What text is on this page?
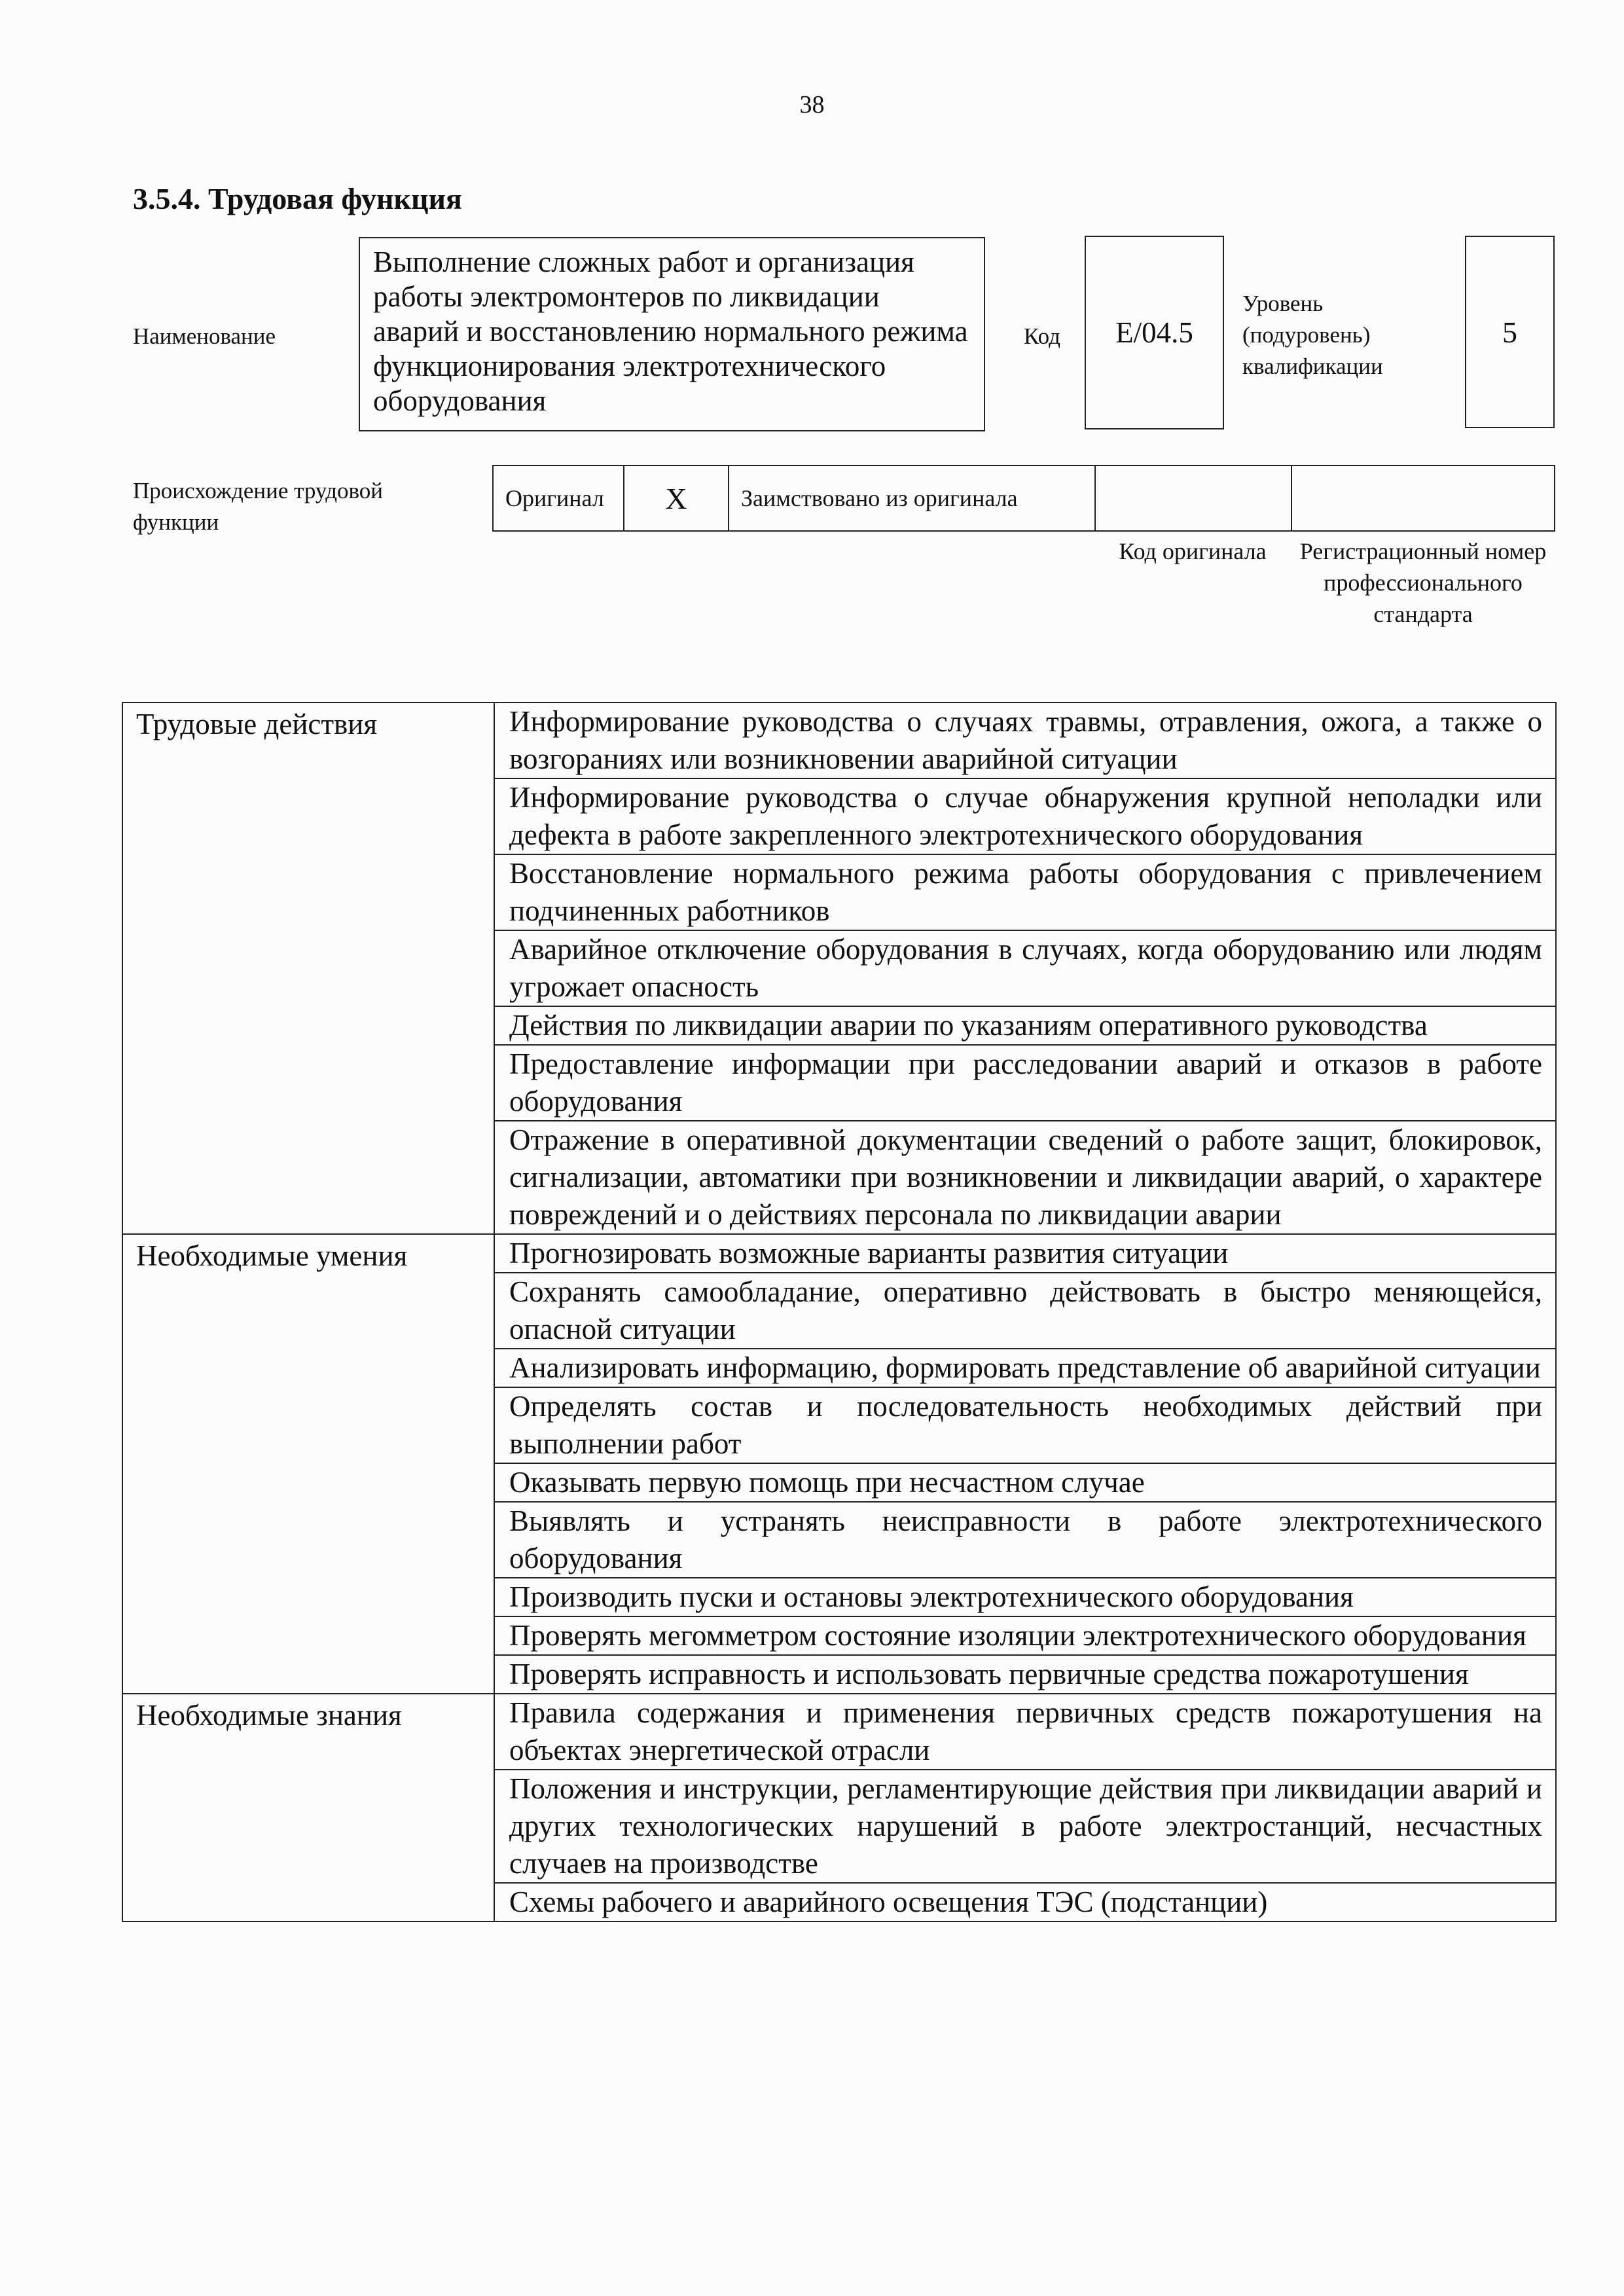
38
3.5.4. Трудовая функция
Наименование
Выполнение сложных работ и организация работы электромонтеров по ликвидации аварий и восстановлению нормального режима функционирования электротехнического оборудования
Код	E/04.5
Уровень (подуровень) квалификации
5
Происхождение трудовой функции
Оригинал	X	Заимствовано из оригинала		
Код оригинала	Регистрационный номер профессионального стандарта
Трудовые действия	Информирование руководства о случаях травмы, отравления, ожога, а также о возгораниях или возникновении аварийной ситуации
	Информирование руководства о случае обнаружения крупной неполадки или дефекта в работе закрепленного электротехнического оборудования
	Восстановление нормального режима работы оборудования с привлечением подчиненных работников
	Аварийное отключение оборудования в случаях, когда оборудованию или людям угрожает опасность
	Действия по ликвидации аварии по указаниям оперативного руководства
	Предоставление информации при расследовании аварий и отказов в работе оборудования
	Отражение в оперативной документации сведений о работе защит, блокировок, сигнализации, автоматики при возникновении и ликвидации аварий, о характере повреждений и о действиях персонала по ликвидации аварии
Необходимые умения	Прогнозировать возможные варианты развития ситуации
	Сохранять самообладание, оперативно действовать в быстро меняющейся, опасной ситуации
	Анализировать информацию, формировать представление об аварийной ситуации
	Определять состав и последовательность необходимых действий при выполнении работ
	Оказывать первую помощь при несчастном случае
	Выявлять и устранять неисправности в работе электротехнического оборудования
	Производить пуски и остановы электротехнического оборудования
	Проверять мегомметром состояние изоляции электротехнического оборудования
	Проверять исправность и использовать первичные средства пожаротушения
Необходимые знания	Правила содержания и применения первичных средств пожаротушения на объектах энергетической отрасли
	Положения и инструкции, регламентирующие действия при ликвидации аварий и других технологических нарушений в работе электростанций, несчастных случаев на производстве
	Схемы рабочего и аварийного освещения ТЭС (подстанции)
